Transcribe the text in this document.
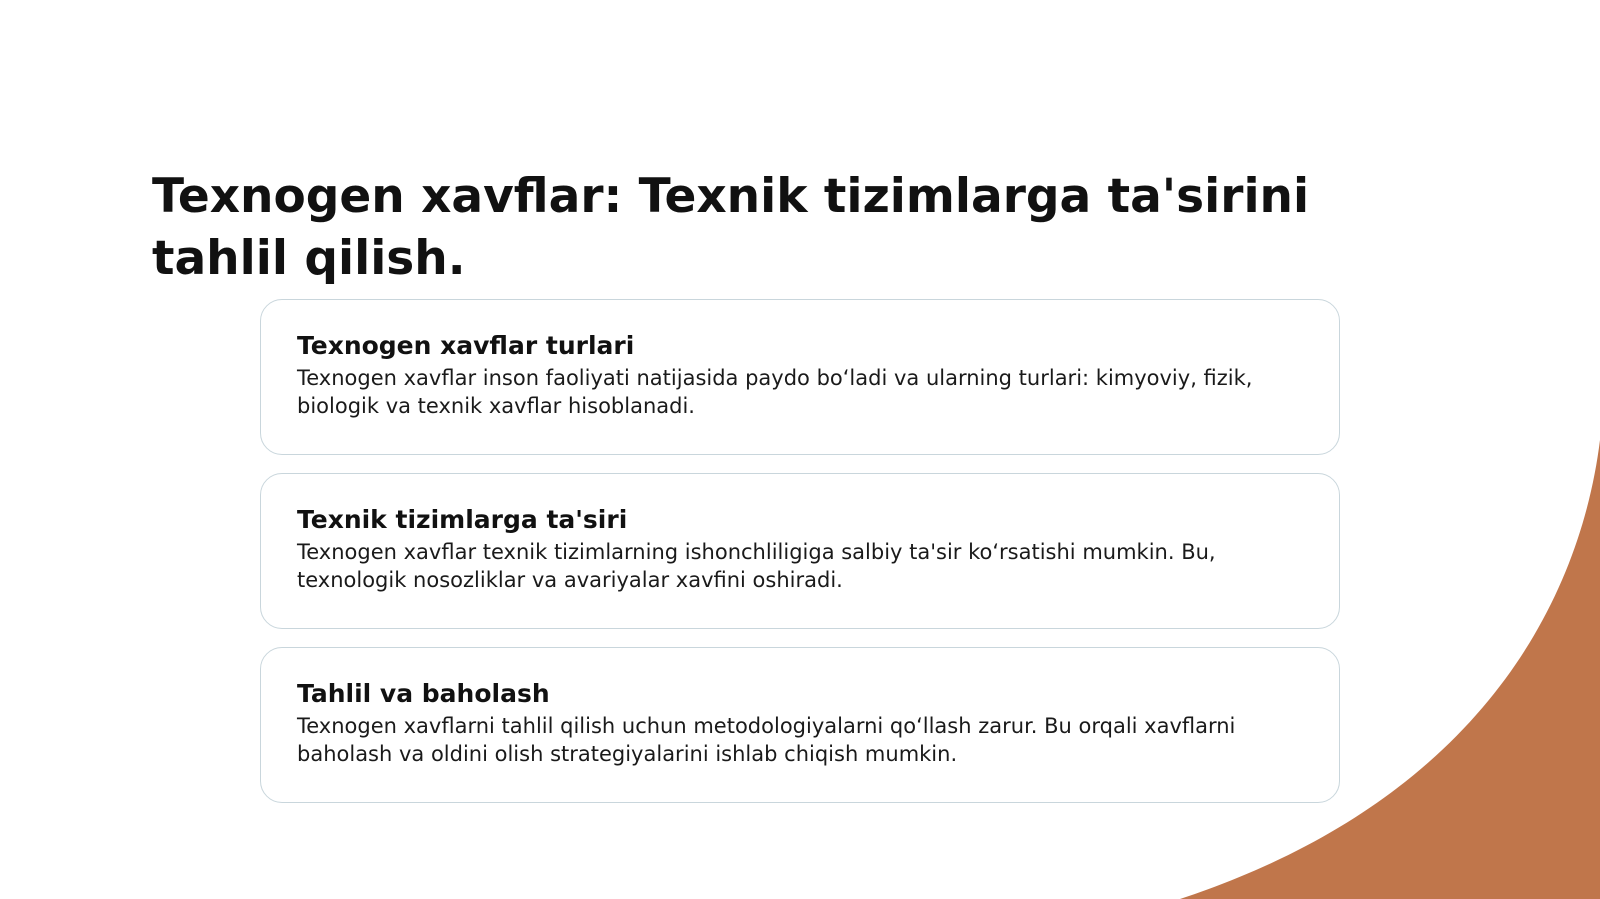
Texnogen xavflar: Texnik tizimlarga ta'sirini tahlil qilish.
Texnogen xavflar turlari
Texnogen xavflar inson faoliyati natijasida paydo boʻladi va ularning turlari: kimyoviy, fizik, biologik va texnik xavflar hisoblanadi.
Texnik tizimlarga ta'siri
Texnogen xavflar texnik tizimlarning ishonchliligiga salbiy ta'sir koʻrsatishi mumkin. Bu, texnologik nosozliklar va avariyalar xavfini oshiradi.
Tahlil va baholash
Texnogen xavflarni tahlil qilish uchun metodologiyalarni qoʻllash zarur. Bu orqali xavflarni baholash va oldini olish strategiyalarini ishlab chiqish mumkin.
